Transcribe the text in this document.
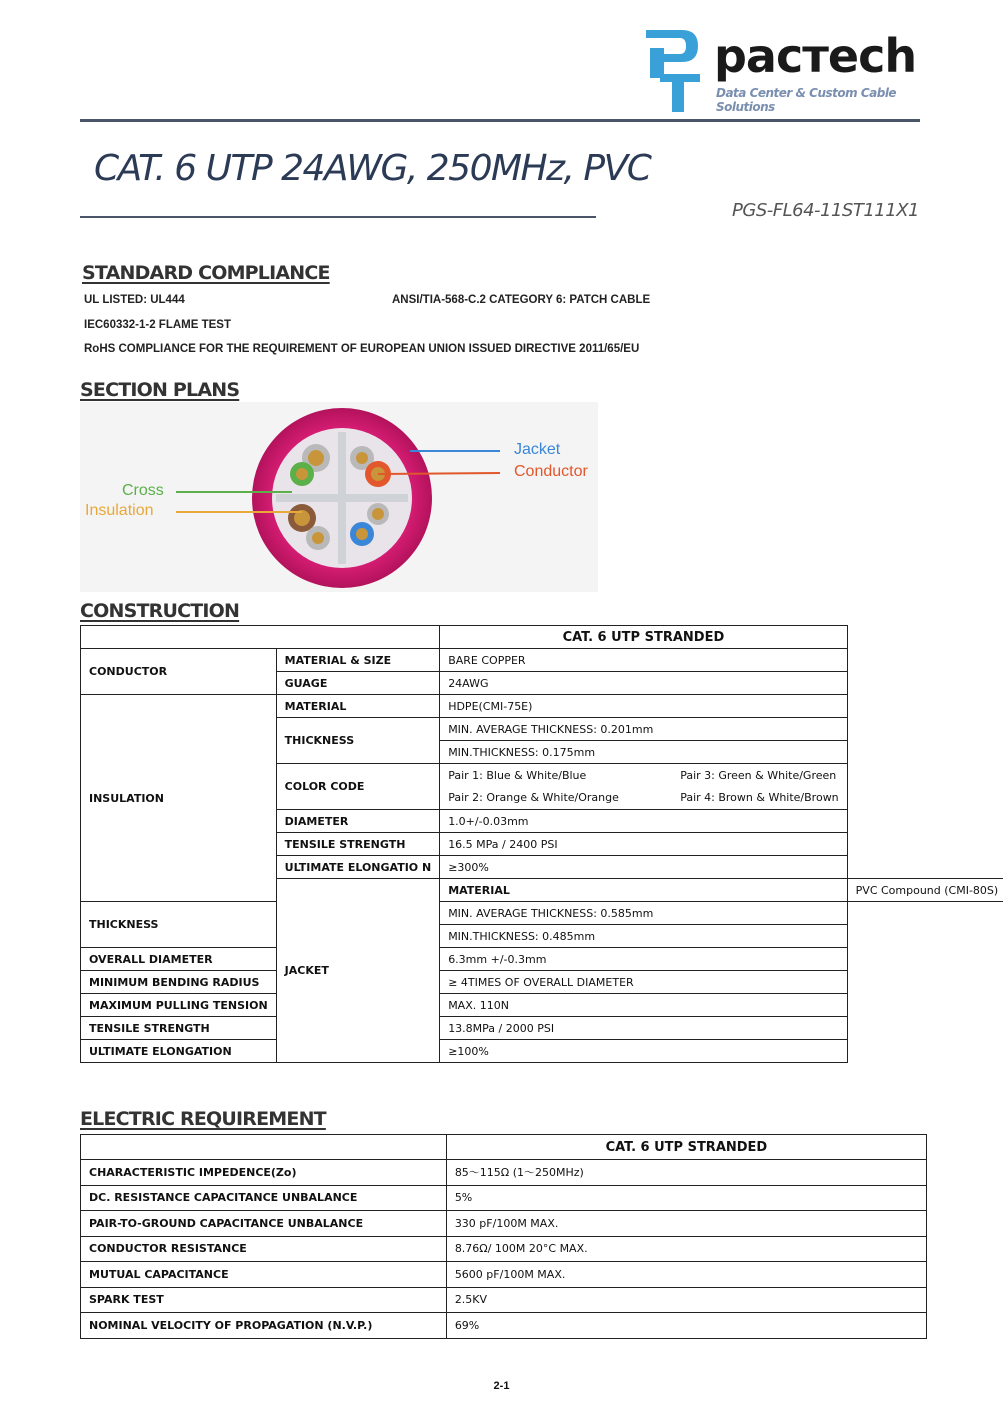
pacтech
Data Center & Custom Cable Solutions
CAT. 6 UTP 24AWG, 250MHz, PVC
PGS-FL64-11ST111X1
STANDARD COMPLIANCE
UL LISTED: UL444	ANSI/TIA-568-C.2 CATEGORY 6: PATCH CABLE
IEC60332-1-2 FLAME TEST
RoHS COMPLIANCE FOR THE REQUIREMENT OF EUROPEAN UNION ISSUED DIRECTIVE 2011/65/EU
SECTION PLANS
Jacket
Conductor
Cross
Insulation
CONSTRUCTION
		CAT. 6 UTP STRANDED	
CONDUCTOR	MATERIAL & SIZE	BARE COPPER	
	GUAGE	24AWG	
INSULATION	MATERIAL	HDPE(CMI-75E)	
	THICKNESS	MIN. AVERAGE THICKNESS: 0.201mm	
		MIN.THICKNESS: 0.175mm	
	COLOR CODE	Pair 1: Blue & White/Blue Pair 3: Green & White/Green	

		Pair 2: Orange & White/Orange Pair 4: Brown & White/Brown	

	DIAMETER	1.0+/-0.03mm	
	TENSILE STRENGTH	16.5 MPa / 2400 PSI	
	ULTIMATE ELONGATIO N	≥300%	
	JACKET	MATERIAL	PVC Compound (CMI-80S)
THICKNESS		MIN. AVERAGE THICKNESS: 0.585mm	
		MIN.THICKNESS: 0.485mm	
OVERALL DIAMETER		6.3mm +/-0.3mm	
MINIMUM BENDING RADIUS		≥ 4TIMES OF OVERALL DIAMETER	
MAXIMUM PULLING TENSION		MAX. 110N	
TENSILE STRENGTH		13.8MPa / 2000 PSI	
ULTIMATE ELONGATION		≥100%	
ELECTRIC REQUIREMENT
	CAT. 6 UTP STRANDED
CHARACTERISTIC IMPEDENCE(Zo)	85～115Ω (1～250MHz)
DC. RESISTANCE CAPACITANCE UNBALANCE	5%
PAIR-TO-GROUND CAPACITANCE UNBALANCE	330 pF/100M MAX.
CONDUCTOR RESISTANCE	8.76Ω/ 100M 20°C MAX.
MUTUAL CAPACITANCE	5600 pF/100M MAX.
SPARK TEST	2.5KV
NOMINAL VELOCITY OF PROPAGATION (N.V.P.)	69%
2-1
